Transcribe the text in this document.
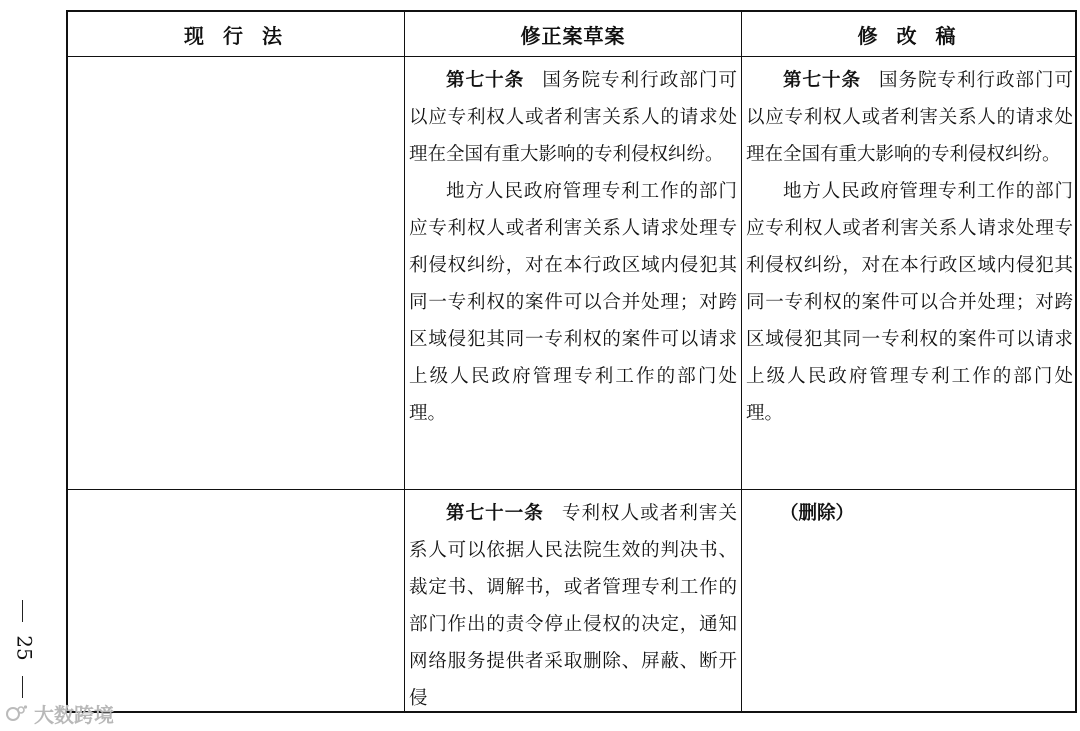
现 行 法	修正案草案	修 改 稿

第七十条 国务院专利行政部门可以应专利权人或者利害关系人的请求处理在全国有重大影响的专利侵权纠纷。

地方人民政府管理专利工作的部门应专利权人或者利害关系人请求处理专利侵权纠纷，对在本行政区域内侵犯其同一专利权的案件可以合并处理；对跨区域侵犯其同一专利权的案件可以请求上级人民政府管理专利工作的部门处理。

第七十条 国务院专利行政部门可以应专利权人或者利害关系人的请求处理在全国有重大影响的专利侵权纠纷。

地方人民政府管理专利工作的部门应专利权人或者利害关系人请求处理专利侵权纠纷，对在本行政区域内侵犯其同一专利权的案件可以合并处理；对跨区域侵犯其同一专利权的案件可以请求上级人民政府管理专利工作的部门处理。

第七十一条 专利权人或者利害关系人可以依据人民法院生效的判决书、裁定书、调解书，或者管理专利工作的部门作出的责令停止侵权的决定，通知网络服务提供者采取删除、屏蔽、断开侵

（删除）
25
大数跨境
